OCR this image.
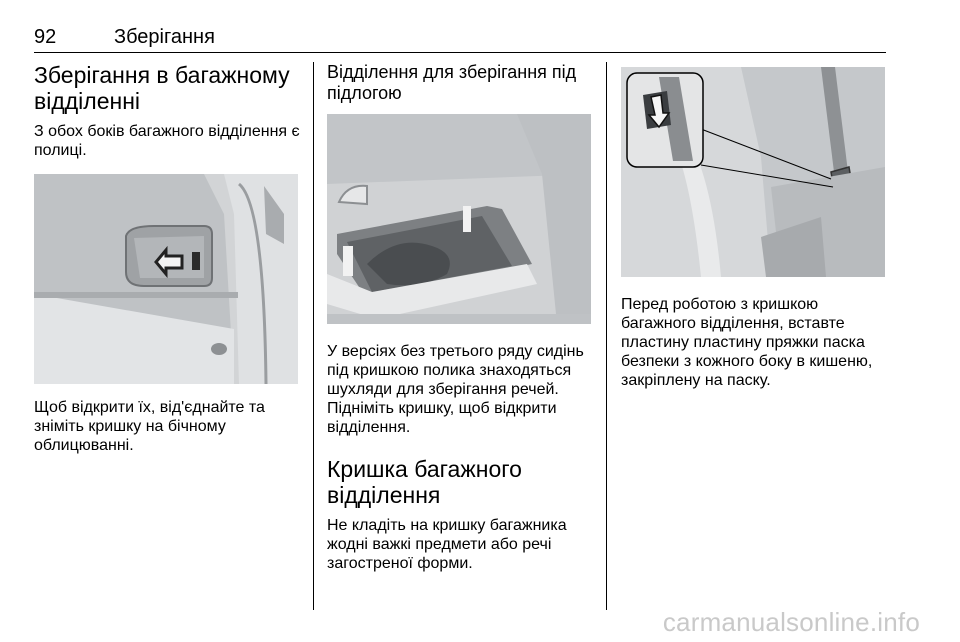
92	Зберігання
Зберігання в багажному відділенні

З обох боків багажного відділення є полиці.

Щоб відкрити їх, від'єднайте та зніміть кришку на бічному облицюванні.

Відділення для зберігання під підлогою

У версіях без третього ряду сидінь під кришкою полика знаходяться шухляди для зберігання речей. Підніміть кришку, щоб відкрити відділення.

Кришка багажного відділення

Не кладіть на кришку багажника жодні важкі предмети або речі загостреної форми.

Перед роботою з кришкою багажного відділення, вставте пластину пластину пряжки паска безпеки з кожного боку в кишеню, закріплену на паску.

carmanualsonline.info
